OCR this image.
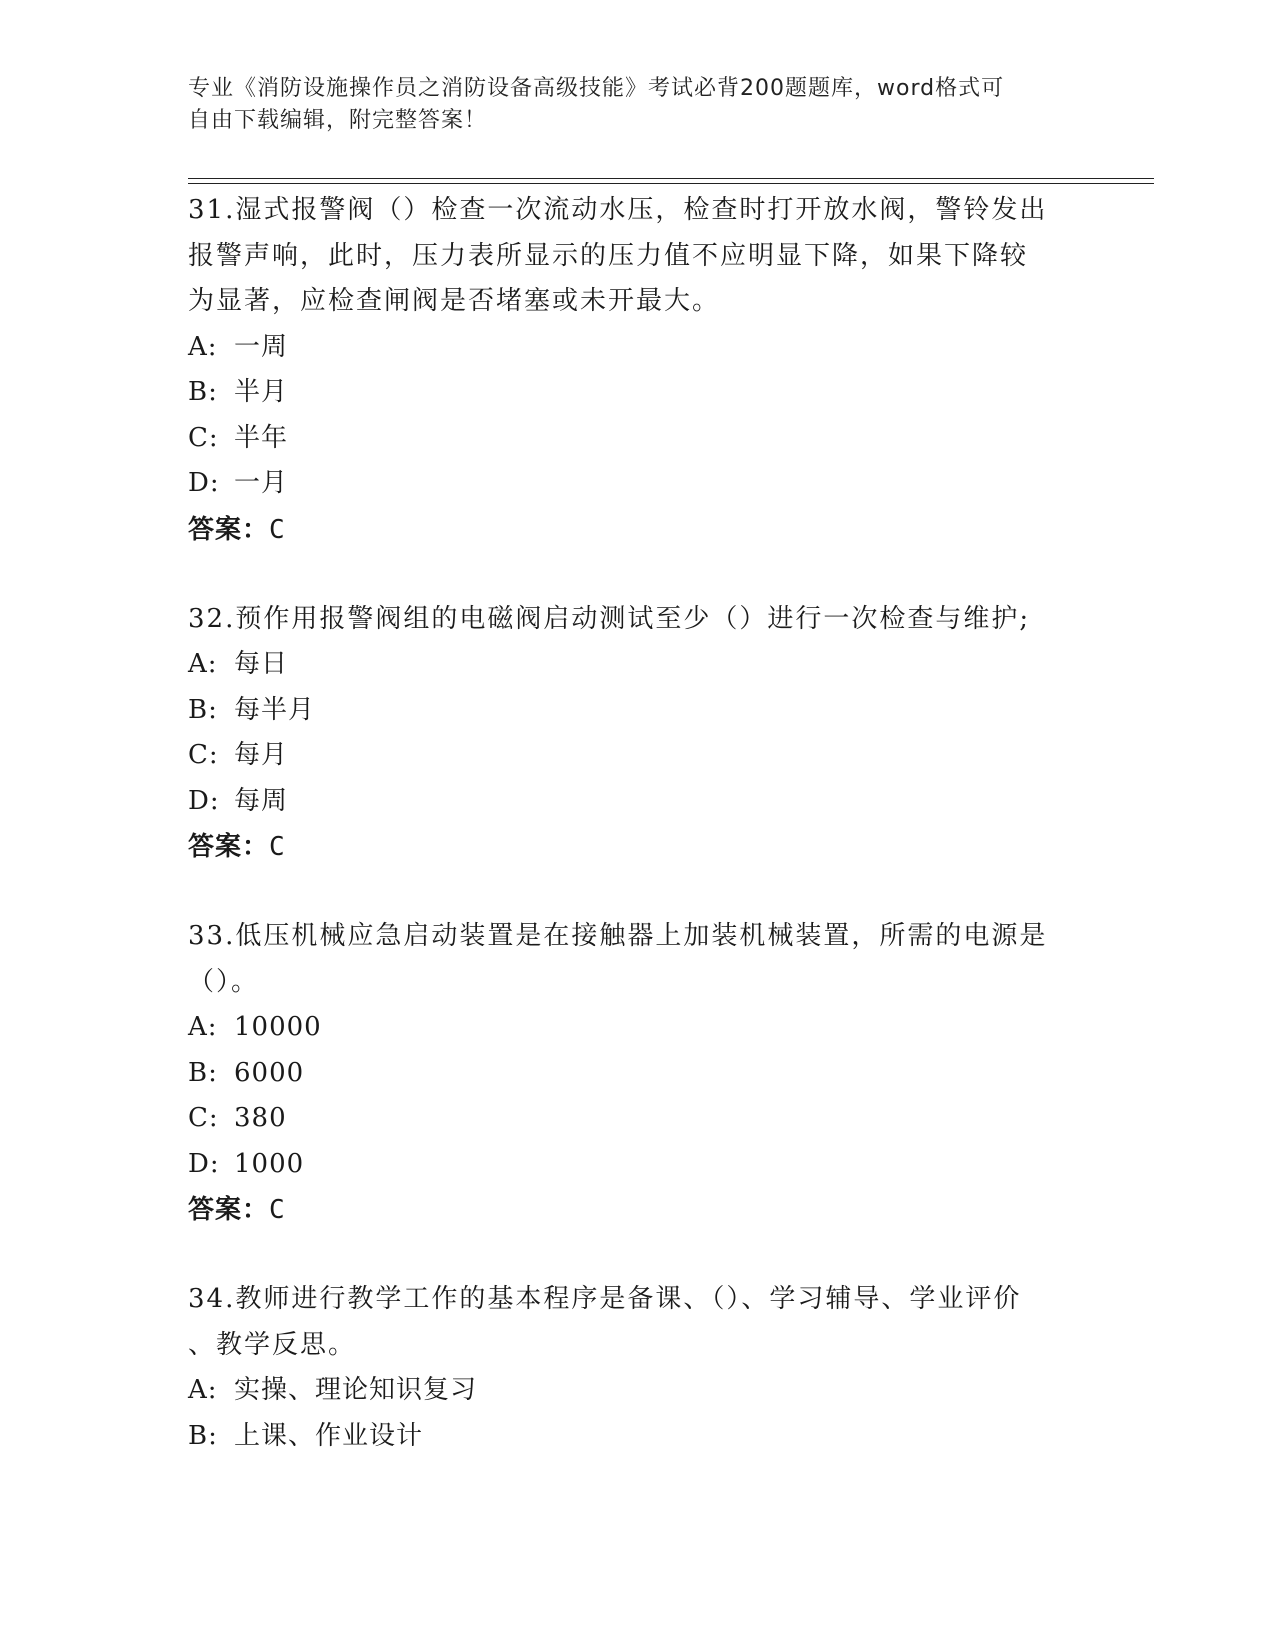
专业《消防设施操作员之消防设备高级技能》考试必背200题题库，word格式可
自由下载编辑，附完整答案！
31.湿式报警阀（）检查一次流动水压，检查时打开放水阀，警铃发出
报警声响，此时，压力表所显示的压力值不应明显下降，如果下降较
为显著，应检查闸阀是否堵塞或未开最大。
A: 一周
B: 半月
C: 半年
D: 一月
答案：C
32.预作用报警阀组的电磁阀启动测试至少（）进行一次检查与维护;
A: 每日
B: 每半月
C: 每月
D: 每周
答案：C
33.低压机械应急启动装置是在接触器上加装机械装置，所需的电源是
（）。
A: 10000
B: 6000
C: 380
D: 1000
答案：C
34.教师进行教学工作的基本程序是备课、（）、学习辅导、学业评价
、教学反思。
A: 实操、理论知识复习
B: 上课、作业设计
